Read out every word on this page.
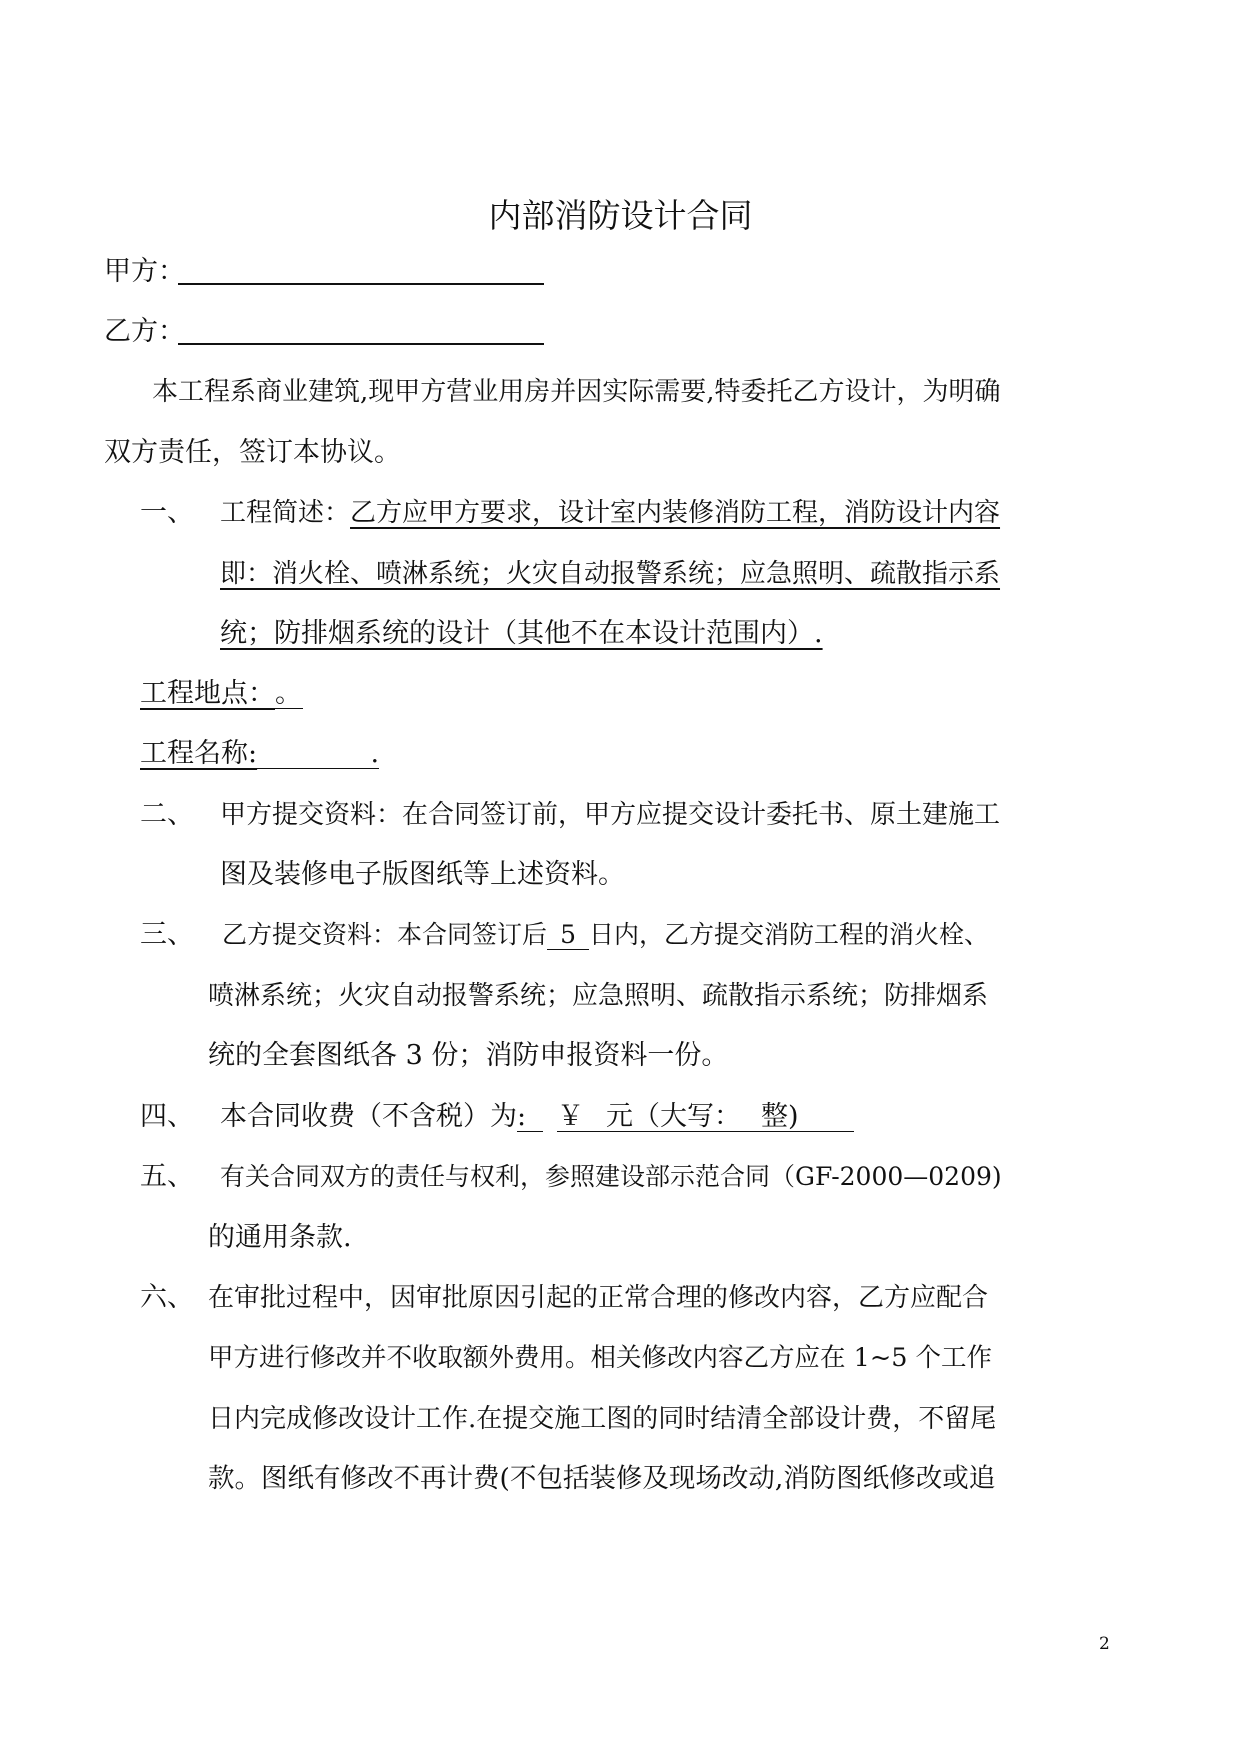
内部消防设计合同
甲方：
乙方：
本工程系商业建筑,现甲方营业用房并因实际需要,特委托乙方设计，为明确
双方责任，签订本协议。
一、 工程简述：乙方应甲方要求，设计室内装修消防工程，消防设计内容
即：消火栓、喷淋系统；火灾自动报警系统；应急照明、疏散指示系
统；防排烟系统的设计（其他不在本设计范围内）.
工程地点：。
工程名称:	.
二、 甲方提交资料：在合同签订前，甲方应提交设计委托书、原土建施工
图及装修电子版图纸等上述资料。
三、 乙方提交资料：本合同签订后 5 日内，乙方提交消防工程的消火栓、
喷淋系统；火灾自动报警系统；应急照明、疏散指示系统；防排烟系
统的全套图纸各 3 份；消防申报资料一份。
四、 本合同收费（不含税）为: ￥ 元（大写： 整)
五、 有关合同双方的责任与权利，参照建设部示范合同（GF-2000—0209)
的通用条款.
六、 在审批过程中，因审批原因引起的正常合理的修改内容，乙方应配合
甲方进行修改并不收取额外费用。相关修改内容乙方应在 1~5 个工作
日内完成修改设计工作.在提交施工图的同时结清全部设计费，不留尾
款。图纸有修改不再计费(不包括装修及现场改动,消防图纸修改或追
2
